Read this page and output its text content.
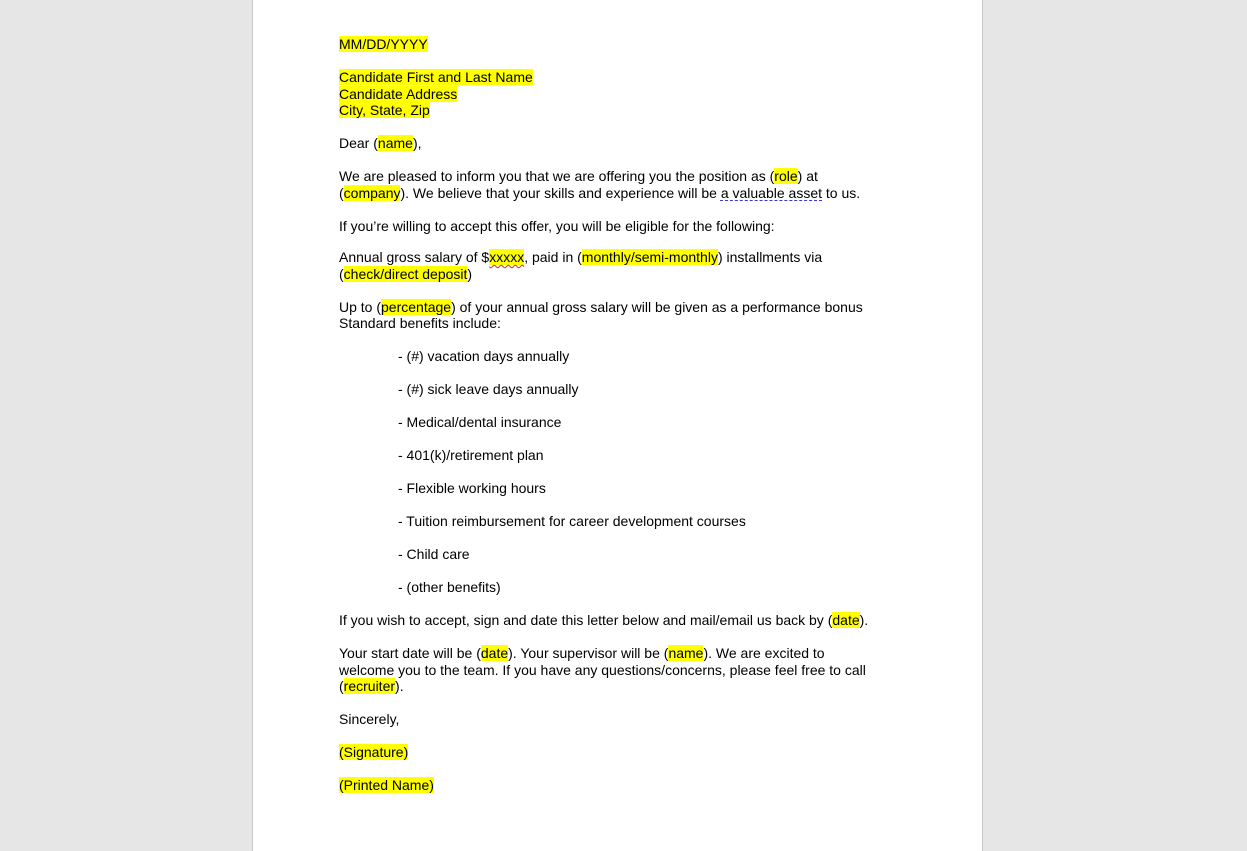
MM/DD/YYYY

Candidate First and Last Name
Candidate Address
City, State, Zip

Dear (name),

We are pleased to inform you that we are offering you the position as (role) at
(company). We believe that your skills and experience will be a valuable asset to us.

If you’re willing to accept this offer, you will be eligible for the following:

Annual gross salary of $xxxxx, paid in (monthly/semi-monthly) installments via
(check/direct deposit)

Up to (percentage) of your annual gross salary will be given as a performance bonus
Standard benefits include:

- (#) vacation days annually

- (#) sick leave days annually

- Medical/dental insurance

- 401(k)/retirement plan

- Flexible working hours

- Tuition reimbursement for career development courses

- Child care

- (other benefits)

If you wish to accept, sign and date this letter below and mail/email us back by (date).

Your start date will be (date). Your supervisor will be (name). We are excited to
welcome you to the team. If you have any questions/concerns, please feel free to call
(recruiter).

Sincerely,

(Signature)

(Printed Name)
